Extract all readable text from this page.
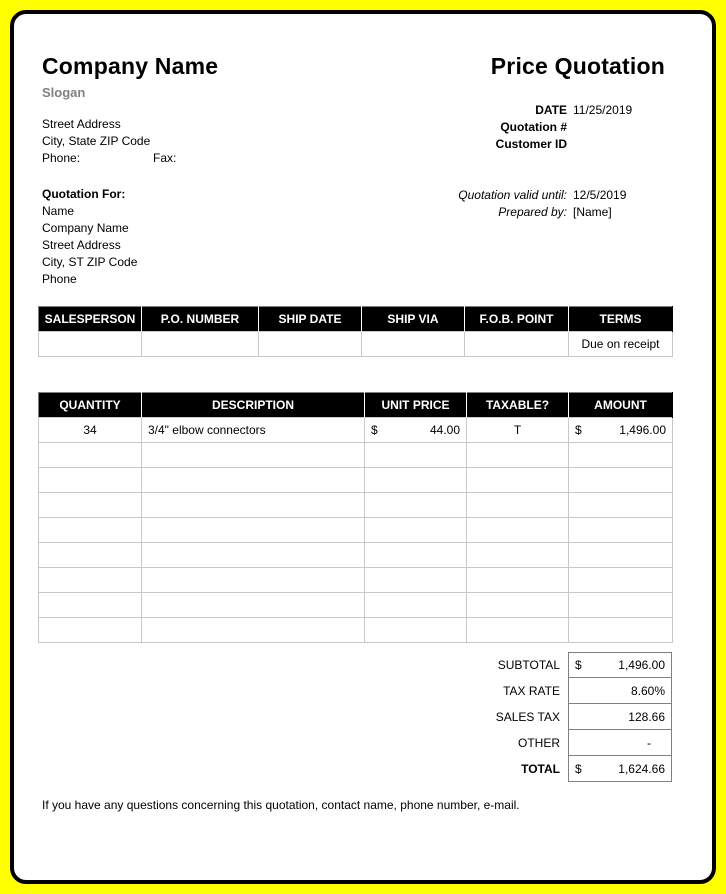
Company Name	Price Quotation
Slogan
Street Address
City, State ZIP Code
Phone:	Fax:
DATE 11/25/2019
Quotation #
Customer ID
Quotation valid until: 12/5/2019
Prepared by: [Name]
Quotation For:
Name
Company Name
Street Address
City, ST ZIP Code
Phone
SALESPERSON	P.O. NUMBER	SHIP DATE	SHIP VIA	F.O.B. POINT	TERMS
					Due on receipt
QUANTITY	DESCRIPTION	UNIT PRICE	TAXABLE?	AMOUNT
34	3/4" elbow connectors	$ 44.00	T	$ 1,496.00

SUBTOTAL	$	1,496.00
TAX RATE	8.60%
SALES TAX	128.66
OTHER	-
TOTAL	$	1,624.66
If you have any questions concerning this quotation, contact name, phone number, e-mail.
